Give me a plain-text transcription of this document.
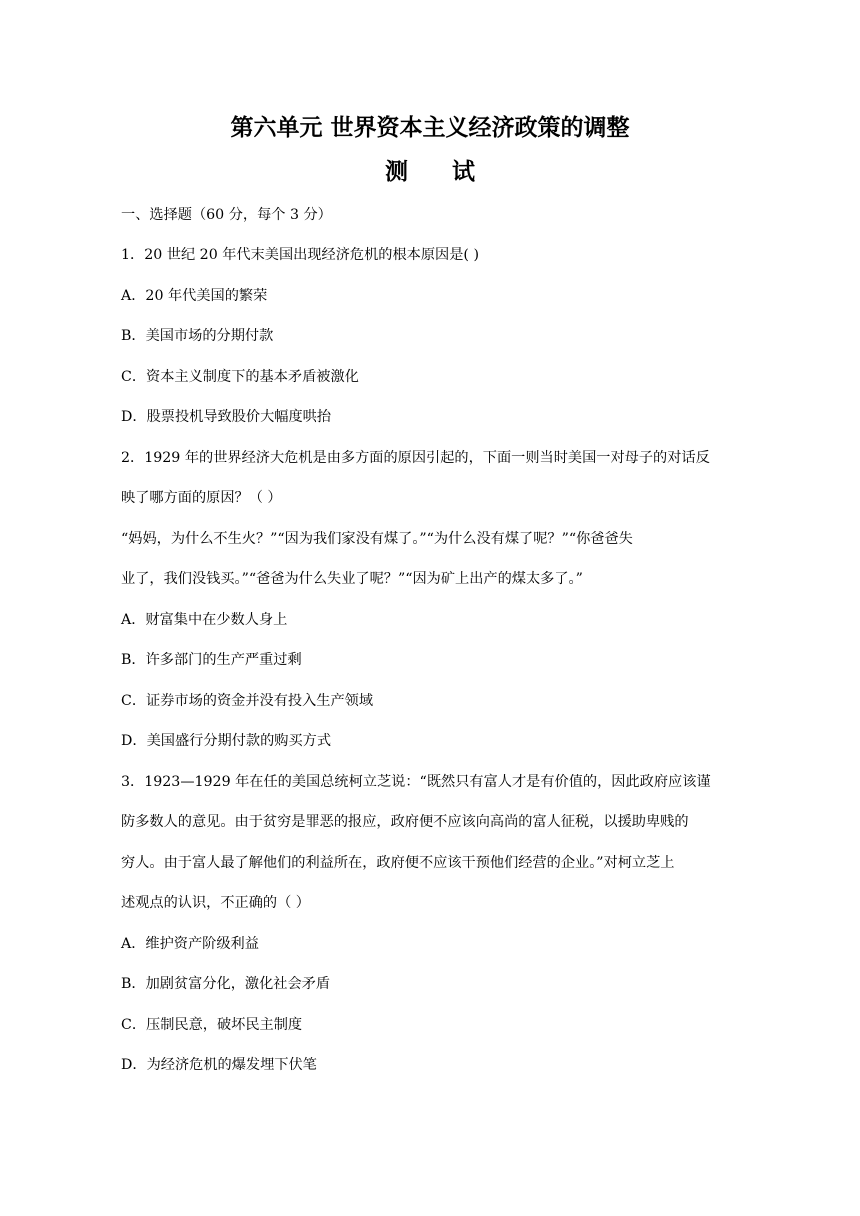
第六单元 世界资本主义经济政策的调整
测 试
一、选择题（60 分，每个 3 分）
1．20 世纪 20 年代末美国出现经济危机的根本原因是( )
A．20 年代美国的繁荣
B．美国市场的分期付款
C．资本主义制度下的基本矛盾被激化
D．股票投机导致股价大幅度哄抬
2．1929 年的世界经济大危机是由多方面的原因引起的，下面一则当时美国一对母子的对话反
映了哪方面的原因？（ ）
“妈妈，为什么不生火？”“因为我们家没有煤了。”“为什么没有煤了呢？”“你爸爸失
业了，我们没钱买。”“爸爸为什么失业了呢？”“因为矿上出产的煤太多了。”
A．财富集中在少数人身上
B．许多部门的生产严重过剩
C．证券市场的资金并没有投入生产领域
D．美国盛行分期付款的购买方式
3．1923—1929 年在任的美国总统柯立芝说：“既然只有富人才是有价值的，因此政府应该谨
防多数人的意见。由于贫穷是罪恶的报应，政府便不应该向高尚的富人征税，以援助卑贱的
穷人。由于富人最了解他们的利益所在，政府便不应该干预他们经营的企业。”对柯立芝上
述观点的认识，不正确的（ ）
A．维护资产阶级利益
B．加剧贫富分化，激化社会矛盾
C．压制民意，破坏民主制度
D．为经济危机的爆发埋下伏笔
